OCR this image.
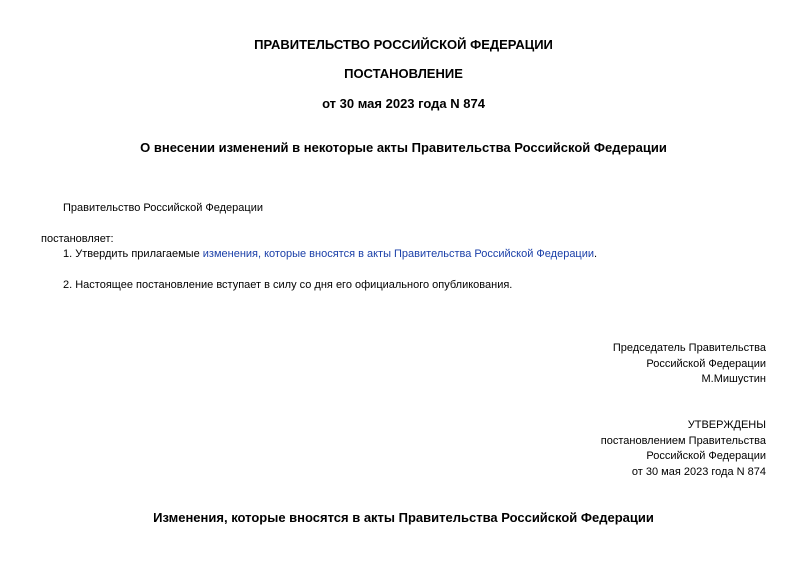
ПРАВИТЕЛЬСТВО РОССИЙСКОЙ ФЕДЕРАЦИИ
ПОСТАНОВЛЕНИЕ
от 30 мая 2023 года N 874
О внесении изменений в некоторые акты Правительства Российской Федерации
Правительство Российской Федерации
постановляет:
1. Утвердить прилагаемые изменения, которые вносятся в акты Правительства Российской Федерации.
2. Настоящее постановление вступает в силу со дня его официального опубликования.
Председатель Правительства
Российской Федерации
М.Мишустин
УТВЕРЖДЕНЫ
постановлением Правительства
Российской Федерации
от 30 мая 2023 года N 874
Изменения, которые вносятся в акты Правительства Российской Федерации
